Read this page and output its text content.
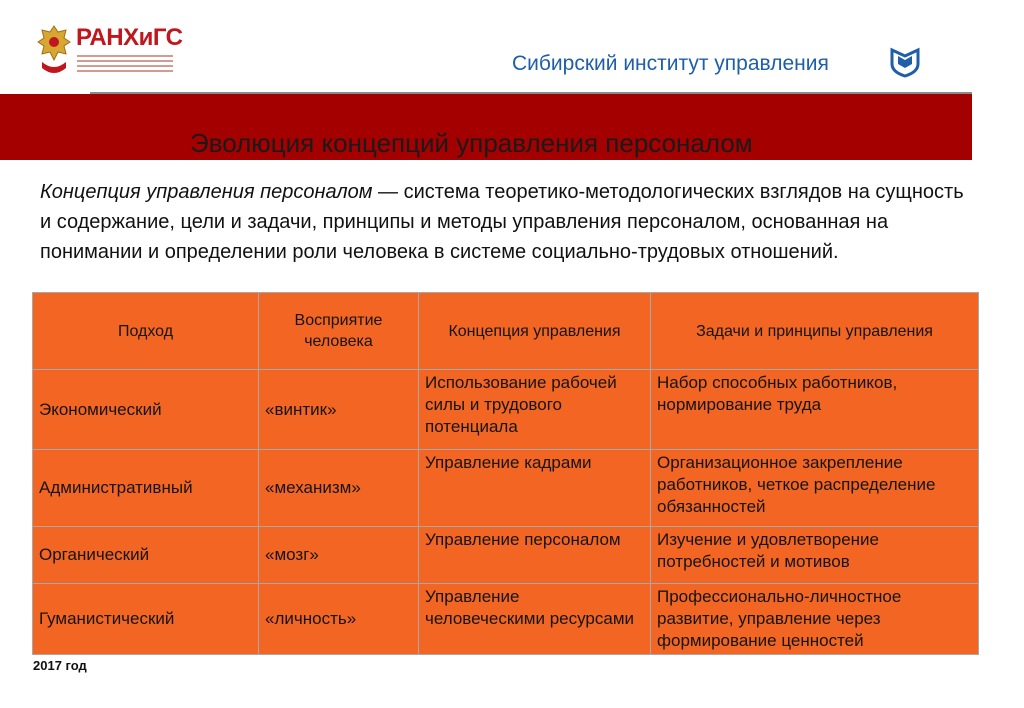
РАНХиГС
Сибирский институт управления
Эволюция концепций управления персоналом
Концепция управления персоналом — система теоретико-методологических взглядов на сущность и содержание, цели и задачи, принципы и методы управления персоналом, основанная на понимании и определении роли человека в системе социально-трудовых отношений.
Подход	Восприятие человека	Концепция управления	Задачи и принципы управления
Экономический	«винтик»	Использование рабочей силы и трудового потенциала	Набор способных работников, нормирование труда
Административный	«механизм»	Управление кадрами	Организационное закрепление работников, четкое распределение обязанностей
Органический	«мозг»	Управление персоналом	Изучение и удовлетворение потребностей и мотивов
Гуманистический	«личность»	Управление человеческими ресурсами	Профессионально-личностное развитие, управление через формирование ценностей
2017 год
